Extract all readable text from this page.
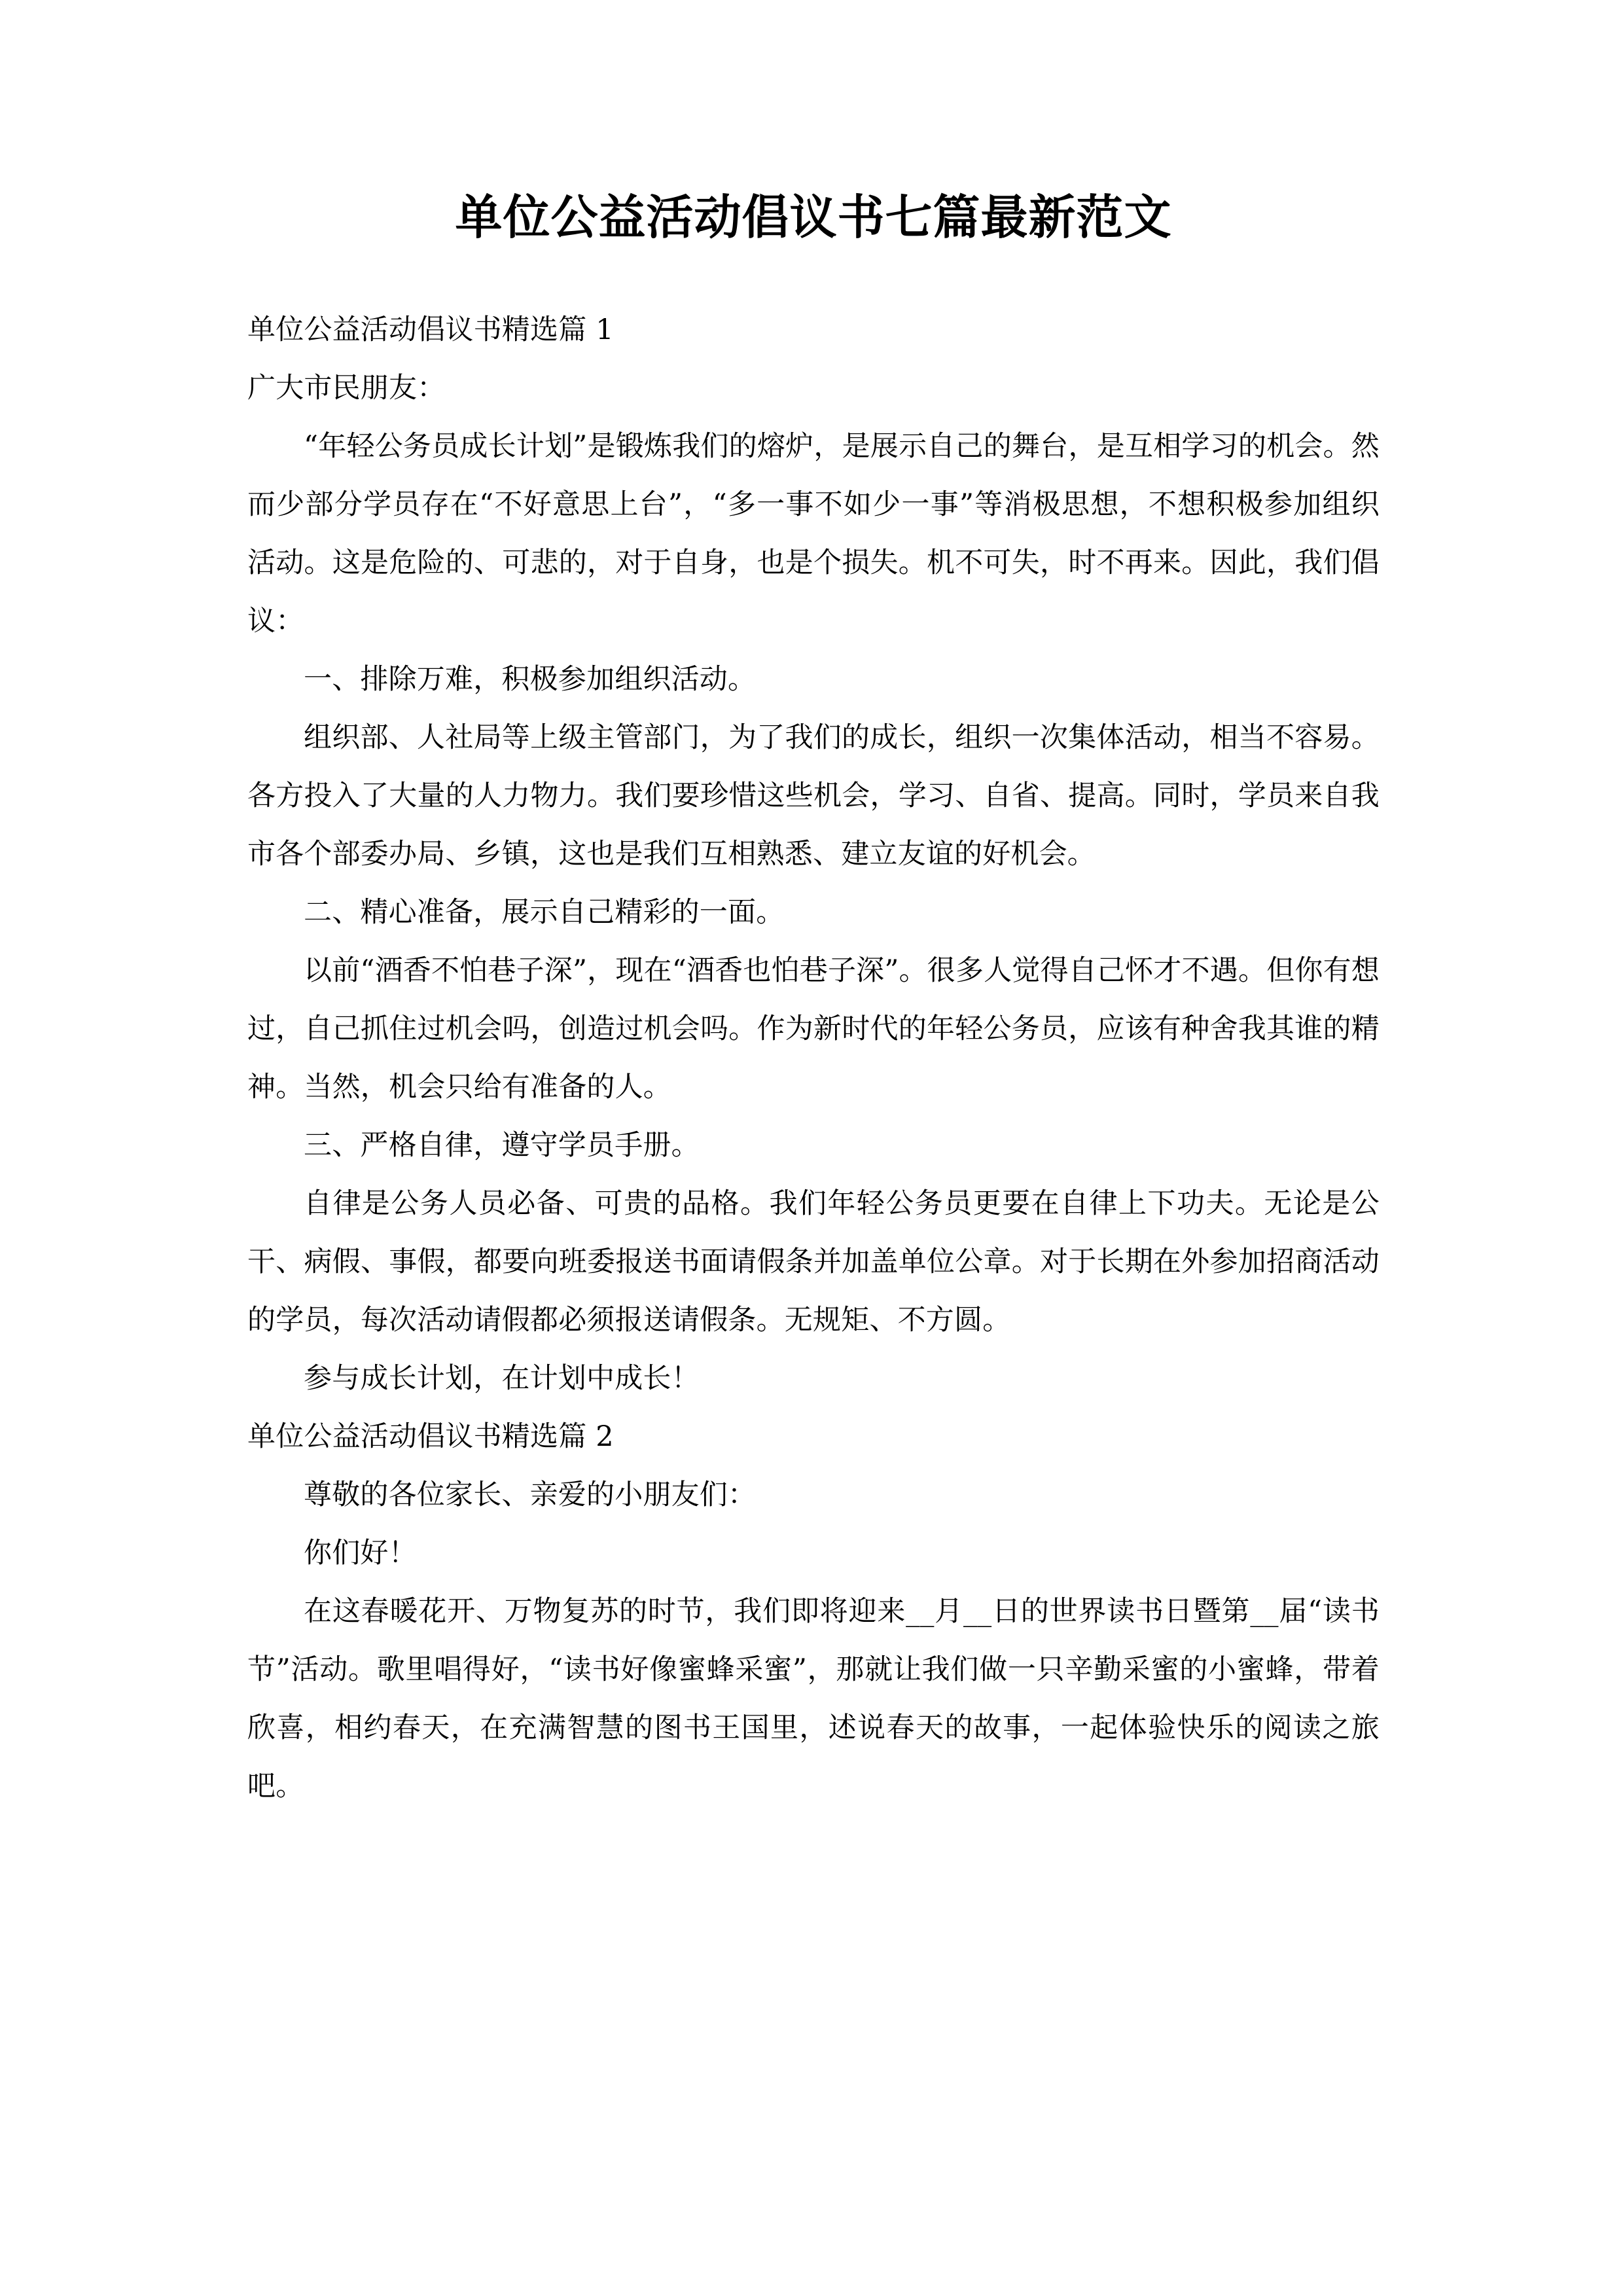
单位公益活动倡议书七篇最新范文

单位公益活动倡议书精选篇 1

广大市民朋友：

“年轻公务员成长计划”是锻炼我们的熔炉，是展示自己的舞台，是互相学习的机会。然而少部分学员存在“不好意思上台”，“多一事不如少一事”等消极思想，不想积极参加组织活动。这是危险的、可悲的，对于自身，也是个损失。机不可失，时不再来。因此，我们倡议：

一、排除万难，积极参加组织活动。

组织部、人社局等上级主管部门，为了我们的成长，组织一次集体活动，相当不容易。各方投入了大量的人力物力。我们要珍惜这些机会，学习、自省、提高。同时，学员来自我市各个部委办局、乡镇，这也是我们互相熟悉、建立友谊的好机会。

二、精心准备，展示自己精彩的一面。

以前“酒香不怕巷子深”，现在“酒香也怕巷子深”。很多人觉得自己怀才不遇。但你有想过，自己抓住过机会吗，创造过机会吗。作为新时代的年轻公务员，应该有种舍我其谁的精神。当然，机会只给有准备的人。

三、严格自律，遵守学员手册。

自律是公务人员必备、可贵的品格。我们年轻公务员更要在自律上下功夫。无论是公干、病假、事假，都要向班委报送书面请假条并加盖单位公章。对于长期在外参加招商活动的学员，每次活动请假都必须报送请假条。无规矩、不方圆。

参与成长计划，在计划中成长！

单位公益活动倡议书精选篇 2

尊敬的各位家长、亲爱的小朋友们：

你们好！

在这春暖花开、万物复苏的时节，我们即将迎来__月__日的世界读书日暨第__届“读书节”活动。歌里唱得好，“读书好像蜜蜂采蜜”，那就让我们做一只辛勤采蜜的小蜜蜂，带着欣喜，相约春天，在充满智慧的图书王国里，述说春天的故事，一起体验快乐的阅读之旅吧。
